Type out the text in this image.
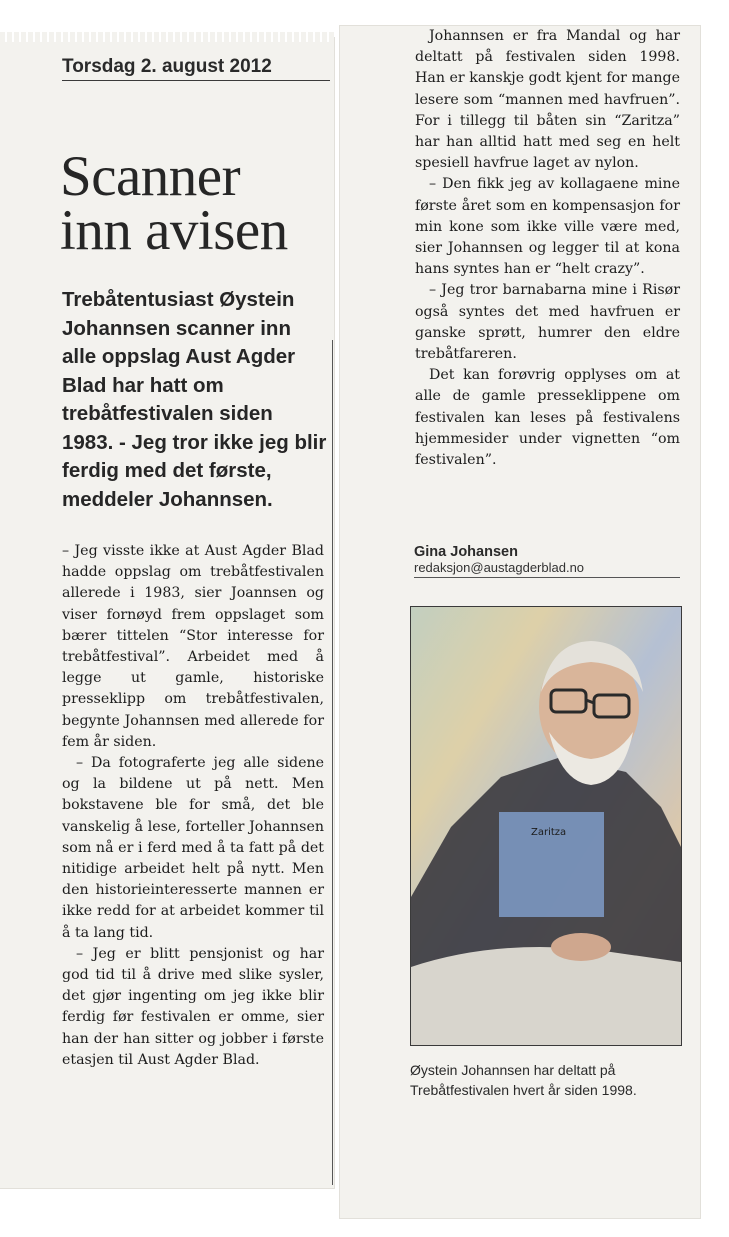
Torsdag 2. august 2012
Scanner
inn avisen

Trebåtentusiast Øystein Johannsen scanner inn alle oppslag Aust Agder Blad har hatt om trebåtfestivalen siden 1983. - Jeg tror ikke jeg blir ferdig med det første, meddeler Johannsen.

– Jeg visste ikke at Aust Agder Blad hadde oppslag om trebåtfestivalen allerede i 1983, sier Joannsen og viser fornøyd frem oppslaget som bærer tittelen “Stor interesse for trebåtfestival”. Arbeidet med å legge ut gamle, historiske presseklipp om trebåtfestivalen, begynte Johannsen med allerede for fem år siden.

– Da fotograferte jeg alle sidene og la bildene ut på nett. Men bokstavene ble for små, det ble vanskelig å lese, forteller Johannsen som nå er i ferd med å ta fatt på det nitidige arbeidet helt på nytt. Men den historieinteresserte mannen er ikke redd for at arbeidet kommer til å ta lang tid.

– Jeg er blitt pensjonist og har god tid til å drive med slike sysler, det gjør ingenting om jeg ikke blir ferdig før festivalen er omme, sier han der han sitter og jobber i første etasjen til Aust Agder Blad.

Johannsen er fra Mandal og har deltatt på festivalen siden 1998. Han er kanskje godt kjent for mange lesere som “mannen med havfruen”. For i tillegg til båten sin “Zaritza” har han alltid hatt med seg en helt spesiell havfrue laget av nylon.

– Den fikk jeg av kollagaene mine første året som en kompensasjon for min kone som ikke ville være med, sier Johannsen og legger til at kona hans syntes han er “helt crazy”.

– Jeg tror barnabarna mine i Risør også syntes det med havfruen er ganske sprøtt, humrer den eldre trebåtfareren.

Det kan forøvrig opplyses om at alle de gamle presseklippene om festivalen kan leses på festivalens hjemmesider under vignetten “om festivalen”.

Gina Johansen
redaksjon@austagderblad.no
Zaritza
Øystein Johannsen har deltatt på Trebåtfestivalen hvert år siden 1998.
